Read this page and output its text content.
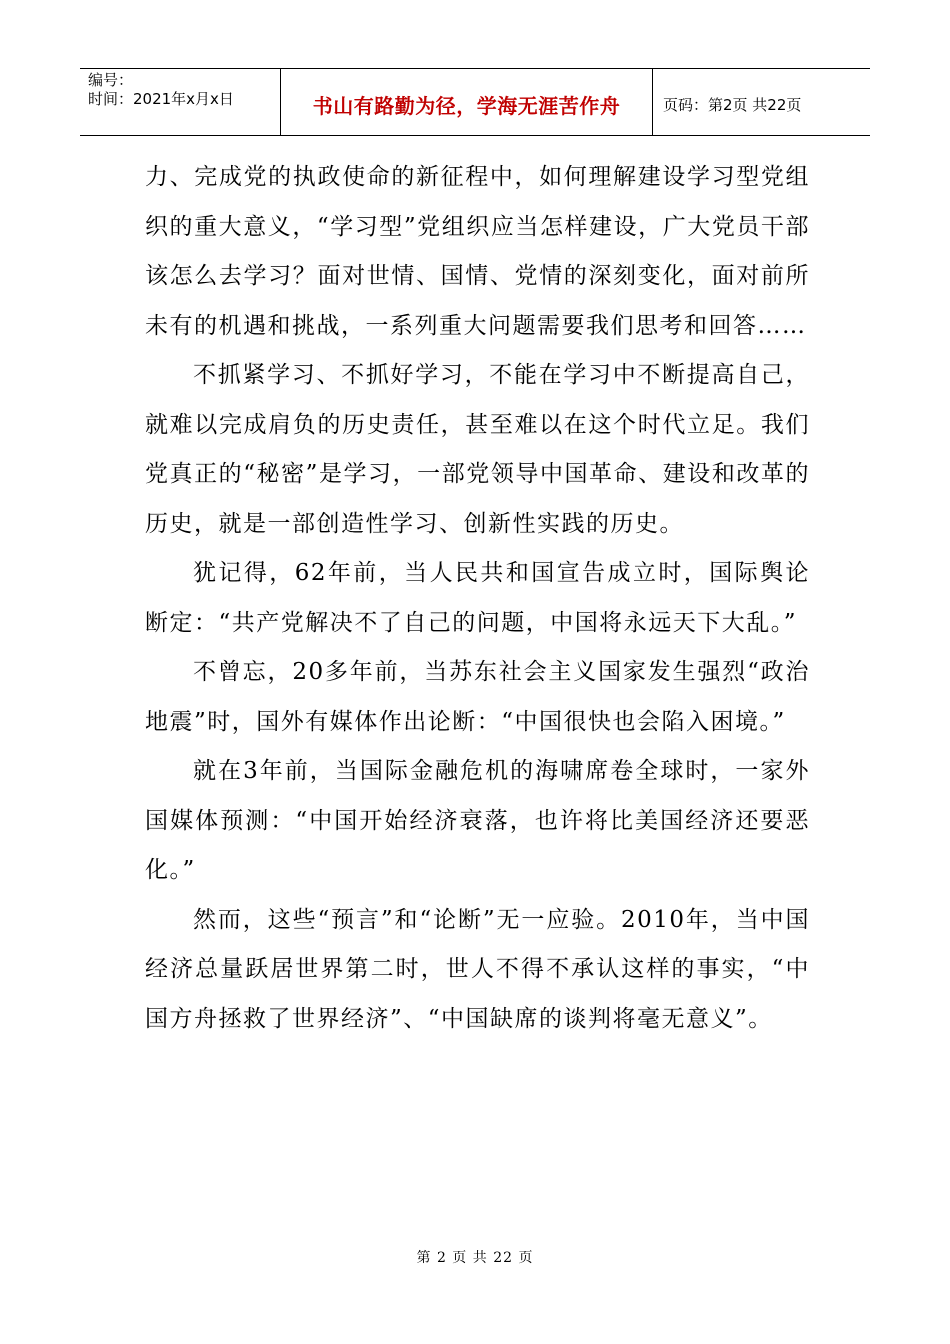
编号：
时间：2021年x月x日	书山有路勤为径，学海无涯苦作舟	页码：第2页 共22页

力、完成党的执政使命的新征程中，如何理解建设学习型党组织的重大意义，“学习型”党组织应当怎样建设，广大党员干部该怎么去学习？面对世情、国情、党情的深刻变化，面对前所未有的机遇和挑战，一系列重大问题需要我们思考和回答……

不抓紧学习、不抓好学习，不能在学习中不断提高自己，就难以完成肩负的历史责任，甚至难以在这个时代立足。我们党真正的“秘密”是学习，一部党领导中国革命、建设和改革的历史，就是一部创造性学习、创新性实践的历史。

犹记得，62年前，当人民共和国宣告成立时，国际舆论断定：“共产党解决不了自己的问题，中国将永远天下大乱。”

不曾忘，20多年前，当苏东社会主义国家发生强烈“政治地震”时，国外有媒体作出论断：“中国很快也会陷入困境。”

就在3年前，当国际金融危机的海啸席卷全球时，一家外国媒体预测：“中国开始经济衰落，也许将比美国经济还要恶化。”

然而，这些“预言”和“论断”无一应验。2010年，当中国经济总量跃居世界第二时，世人不得不承认这样的事实，“中国方舟拯救了世界经济”、“中国缺席的谈判将毫无意义”。

第 2 页 共 22 页
